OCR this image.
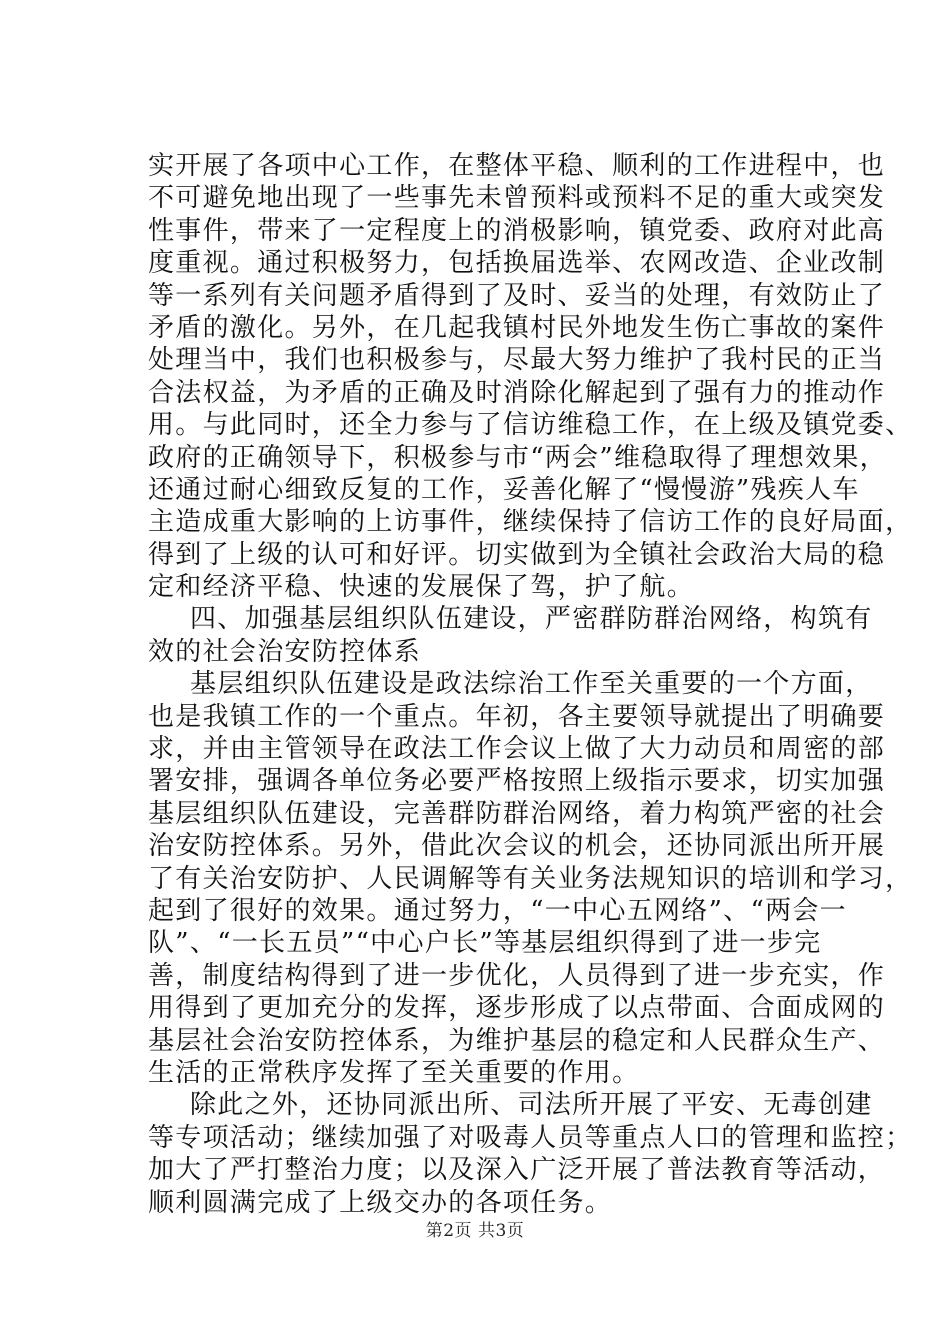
实开展了各项中心工作，在整体平稳、顺利的工作进程中，也
不可避免地出现了一些事先未曾预料或预料不足的重大或突发
性事件，带来了一定程度上的消极影响，镇党委、政府对此高
度重视。通过积极努力，包括换届选举、农网改造、企业改制
等一系列有关问题矛盾得到了及时、妥当的处理，有效防止了
矛盾的激化。另外，在几起我镇村民外地发生伤亡事故的案件
处理当中，我们也积极参与，尽最大努力维护了我村民的正当
合法权益，为矛盾的正确及时消除化解起到了强有力的推动作
用。与此同时，还全力参与了信访维稳工作，在上级及镇党委、
政府的正确领导下，积极参与市“两会”维稳取得了理想效果，
还通过耐心细致反复的工作，妥善化解了“慢慢游”残疾人车
主造成重大影响的上访事件，继续保持了信访工作的良好局面，
得到了上级的认可和好评。切实做到为全镇社会政治大局的稳
定和经济平稳、快速的发展保了驾，护了航。
四、加强基层组织队伍建设，严密群防群治网络，构筑有
效的社会治安防控体系
基层组织队伍建设是政法综治工作至关重要的一个方面，
也是我镇工作的一个重点。年初，各主要领导就提出了明确要
求，并由主管领导在政法工作会议上做了大力动员和周密的部
署安排，强调各单位务必要严格按照上级指示要求，切实加强
基层组织队伍建设，完善群防群治网络，着力构筑严密的社会
治安防控体系。另外，借此次会议的机会，还协同派出所开展
了有关治安防护、人民调解等有关业务法规知识的培训和学习，
起到了很好的效果。通过努力，“一中心五网络”、“两会一
队”、“一长五员”“中心户长”等基层组织得到了进一步完
善，制度结构得到了进一步优化，人员得到了进一步充实，作
用得到了更加充分的发挥，逐步形成了以点带面、合面成网的
基层社会治安防控体系，为维护基层的稳定和人民群众生产、
生活的正常秩序发挥了至关重要的作用。
除此之外，还协同派出所、司法所开展了平安、无毒创建
等专项活动；继续加强了对吸毒人员等重点人口的管理和监控；
加大了严打整治力度；以及深入广泛开展了普法教育等活动，
顺利圆满完成了上级交办的各项任务。
第2页 共3页
